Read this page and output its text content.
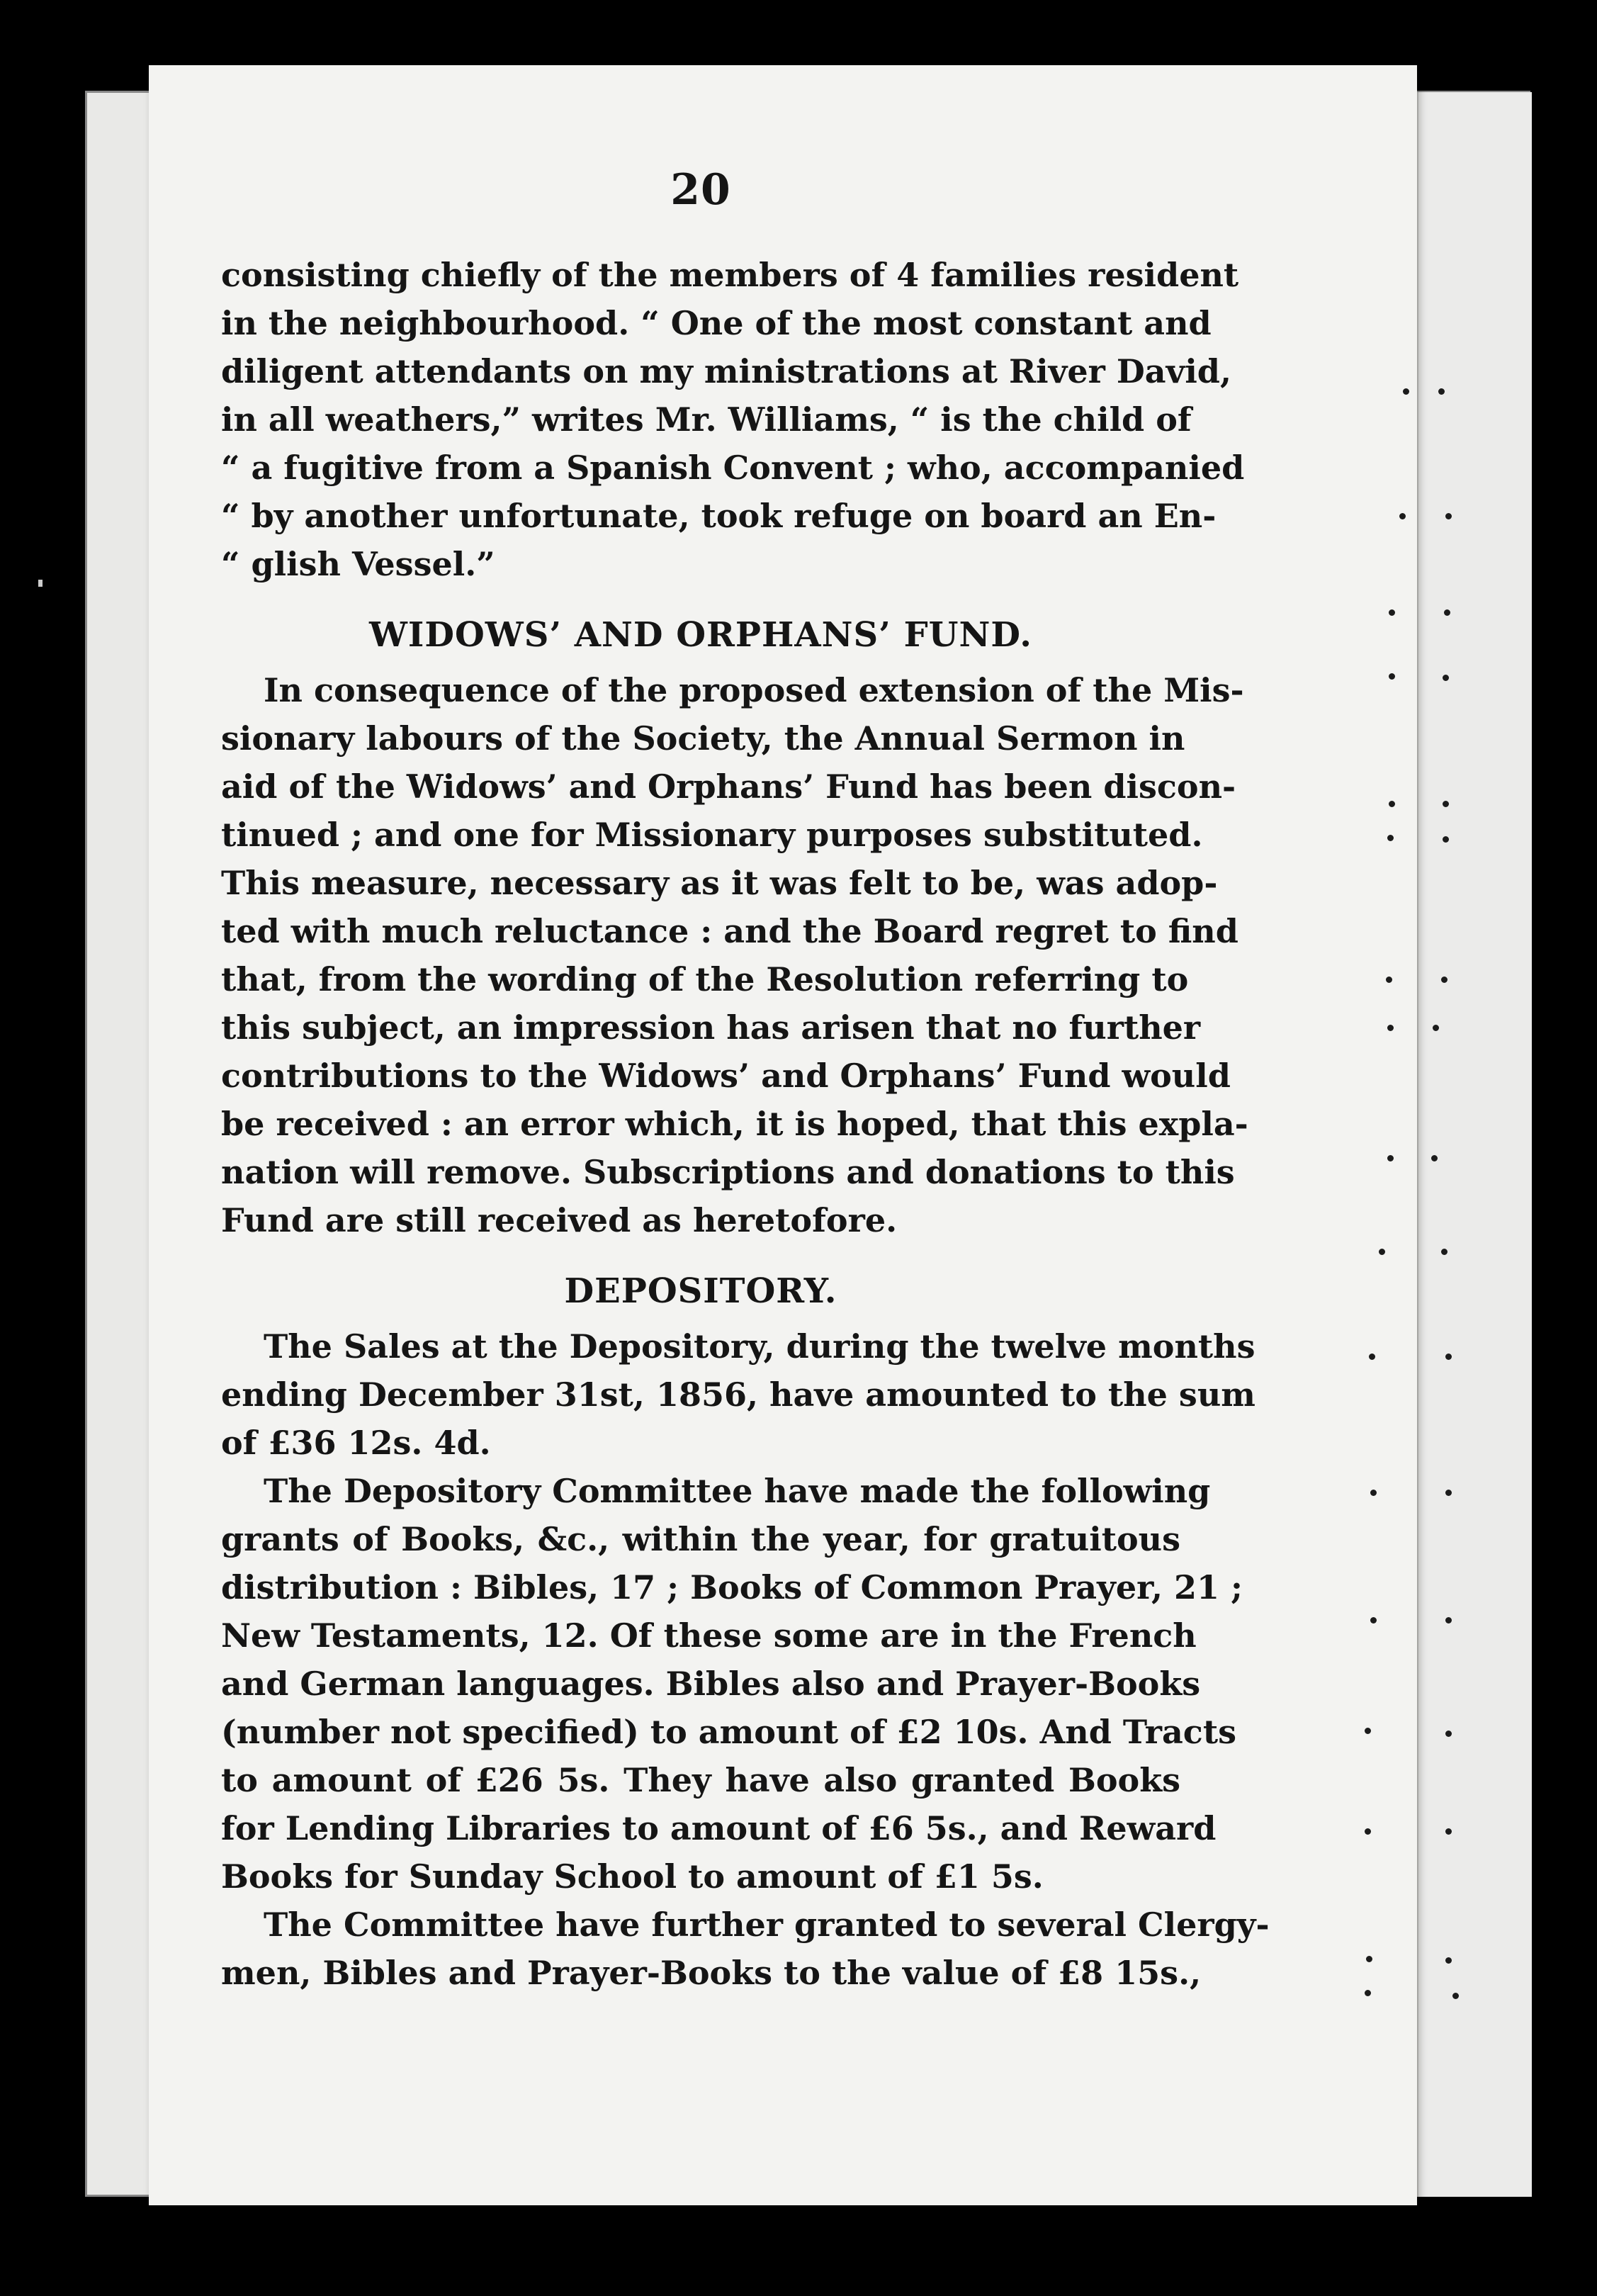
20
consisting chiefly of the members of 4 families resident
in the neighbourhood. “ One of the most constant and
diligent attendants on my ministrations at River David,
in all weathers,” writes Mr. Williams, “ is the child of
“ a fugitive from a Spanish Convent ; who, accompanied
“ by another unfortunate, took refuge on board an En-
“ glish Vessel.”
WIDOWS’ AND ORPHANS’ FUND.
In consequence of the proposed extension of the Mis-
sionary labours of the Society, the Annual Sermon in
aid of the Widows’ and Orphans’ Fund has been discon-
tinued ; and one for Missionary purposes substituted.
This measure, necessary as it was felt to be, was adop-
ted with much reluctance : and the Board regret to find
that, from the wording of the Resolution referring to
this subject, an impression has arisen that no further
contributions to the Widows’ and Orphans’ Fund would
be received : an error which, it is hoped, that this expla-
nation will remove. Subscriptions and donations to this
Fund are still received as heretofore.
DEPOSITORY.
The Sales at the Depository, during the twelve months
ending December 31st, 1856, have amounted to the sum
of £36 12s. 4d.
The Depository Committee have made the following
grants of Books, &c., within the year, for gratuitous
distribution : Bibles, 17 ; Books of Common Prayer, 21 ;
New Testaments, 12. Of these some are in the French
and German languages. Bibles also and Prayer-Books
(number not specified) to amount of £2 10s. And Tracts
to amount of £26 5s. They have also granted Books
for Lending Libraries to amount of £6 5s., and Reward
Books for Sunday School to amount of £1 5s.
The Committee have further granted to several Clergy-
men, Bibles and Prayer-Books to the value of £8 15s.,
